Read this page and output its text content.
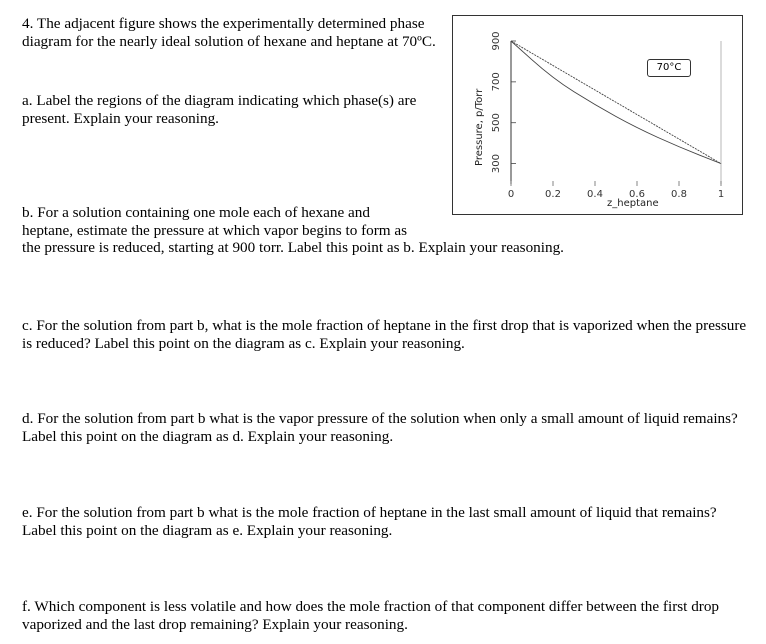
4. The adjacent figure shows the experimentally determined phase diagram for the nearly ideal solution of hexane and heptane at 70ºC.

a. Label the regions of the diagram indicating which phase(s) are present. Explain your reasoning.

0	0.2	0.4	0.6	0.8	1
300
500
700
900
Pressure, p/Torr
z_heptane
70°C

b. For a solution containing one mole each of hexane and
heptane, estimate the pressure at which vapor begins to form as
the pressure is reduced, starting at 900 torr. Label this point as b. Explain your reasoning.

c. For the solution from part b, what is the mole fraction of heptane in the first drop that is vaporized when the pressure is reduced? Label this point on the diagram as c. Explain your reasoning.

d. For the solution from part b what is the vapor pressure of the solution when only a small amount of liquid remains? Label this point on the diagram as d. Explain your reasoning.

e. For the solution from part b what is the mole fraction of heptane in the last small amount of liquid that remains? Label this point on the diagram as e. Explain your reasoning.

f. Which component is less volatile and how does the mole fraction of that component differ between the first drop vaporized and the last drop remaining? Explain your reasoning.
